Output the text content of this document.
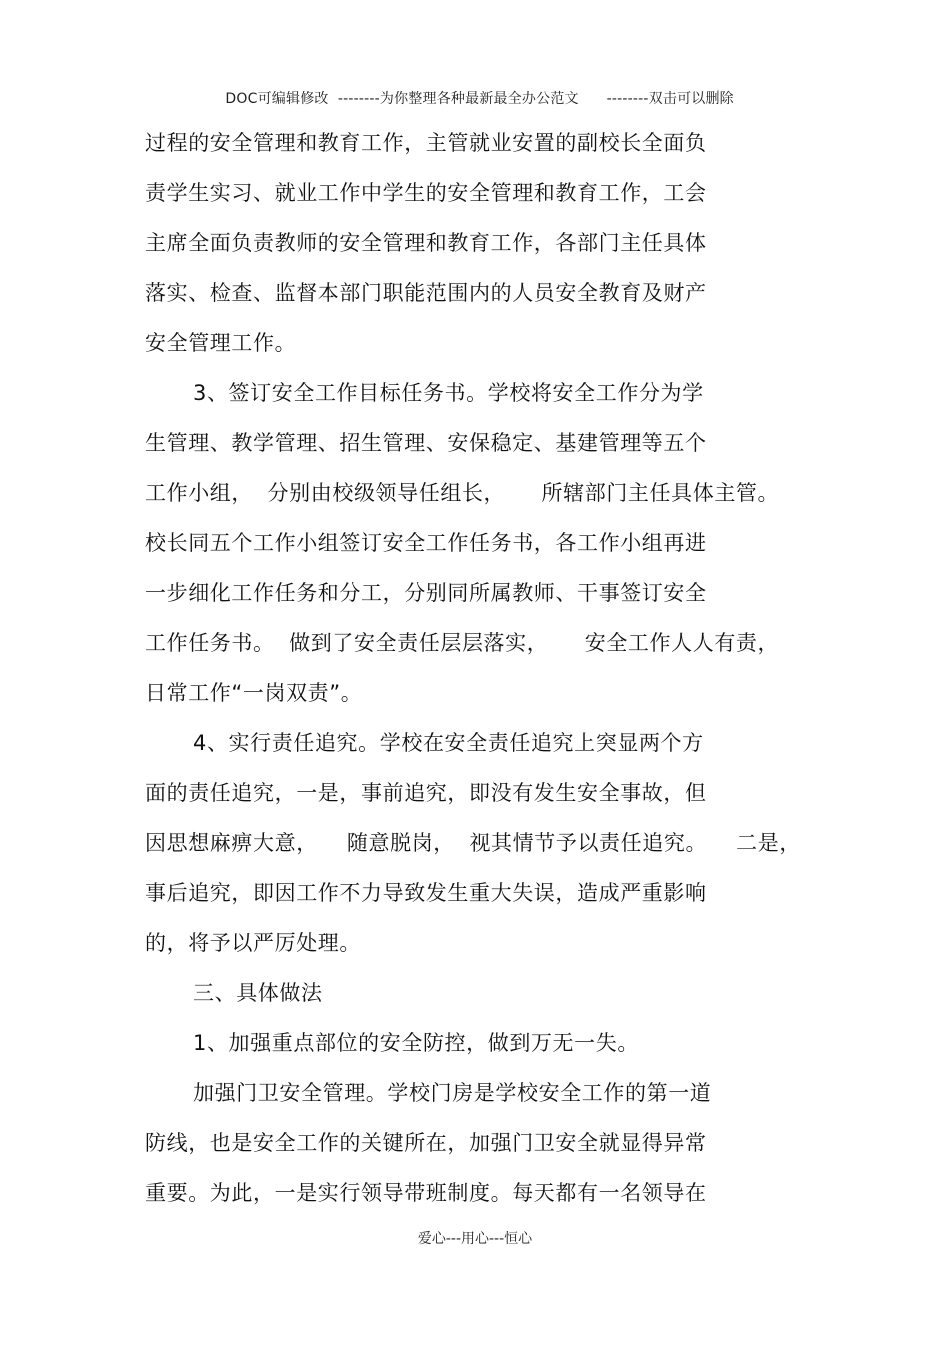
DOC可编辑修改 --------为你整理各种最新最全办公范文 --------双击可以删除

过程的安全管理和教育工作，主管就业安置的副校长全面负
责学生实习、就业工作中学生的安全管理和教育工作，工会
主席全面负责教师的安全管理和教育工作，各部门主任具体
落实、检查、监督本部门职能范围内的人员安全教育及财产
安全管理工作。
3、签订安全工作目标任务书。学校将安全工作分为学
生管理、教学管理、招生管理、安保稳定、基建管理等五个
工作小组，  分别由校级领导任组长，     所辖部门主任具体主管。
校长同五个工作小组签订安全工作任务书，各工作小组再进
一步细化工作任务和分工，分别同所属教师、干事签订安全
工作任务书。  做到了安全责任层层落实，     安全工作人人有责，
日常工作“一岗双责”。
4、实行责任追究。学校在安全责任追究上突显两个方
面的责任追究，一是，事前追究，即没有发生安全事故，但
因思想麻痹大意，    随意脱岗，  视其情节予以责任追究。    二是，
事后追究，即因工作不力导致发生重大失误，造成严重影响
的，将予以严厉处理。
三、具体做法
1、加强重点部位的安全防控，做到万无一失。
加强门卫安全管理。学校门房是学校安全工作的第一道
防线，也是安全工作的关键所在，加强门卫安全就显得异常
重要。为此，一是实行领导带班制度。每天都有一名领导在
爱心---用心---恒心
